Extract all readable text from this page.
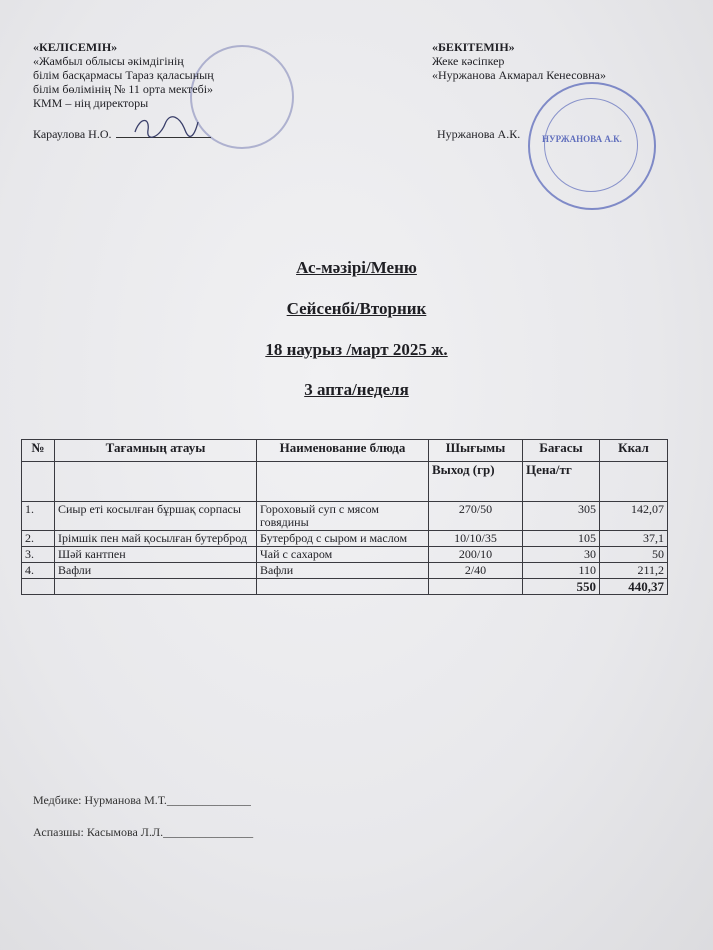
НУРЖАНОВА А.К.
«КЕЛІСЕМІН»
«Жамбыл облысы әкімдігінің
білім басқармасы Тараз қаласының
білім бөлімінің № 11 орта мектебі»
КММ – нің директоры
Караулова Н.О.
«БЕКІТЕМІН»
Жеке кәсіпкер
«Нуржанова Акмарал Кенесовна»
Нуржанова А.К.
Ас-мәзірі/Меню
Сейсенбі/Вторник
18 наурыз /март 2025 ж.
3 апта/неделя
№	Тағамның атауы	Наименование блюда	Шығымы	Бағасы	Ккал
			Выход (гр)	Цена/тг	
1.	Сиыр еті косылған бұршақ сорпасы	Гороховый суп с мясом говядины	270/50	305	142,07
2.	Ірімшік пен май қосылған бутерброд	Бутерброд с сыром и маслом	10/10/35	105	37,1
3.	Шәй кантпен	Чай с сахаром	200/10	30	50
4.	Вафли	Вафли	2/40	110	211,2
				550	440,37
Медбике: Нурманова М.Т.______________
Аспазшы: Касымова Л.Л._______________
